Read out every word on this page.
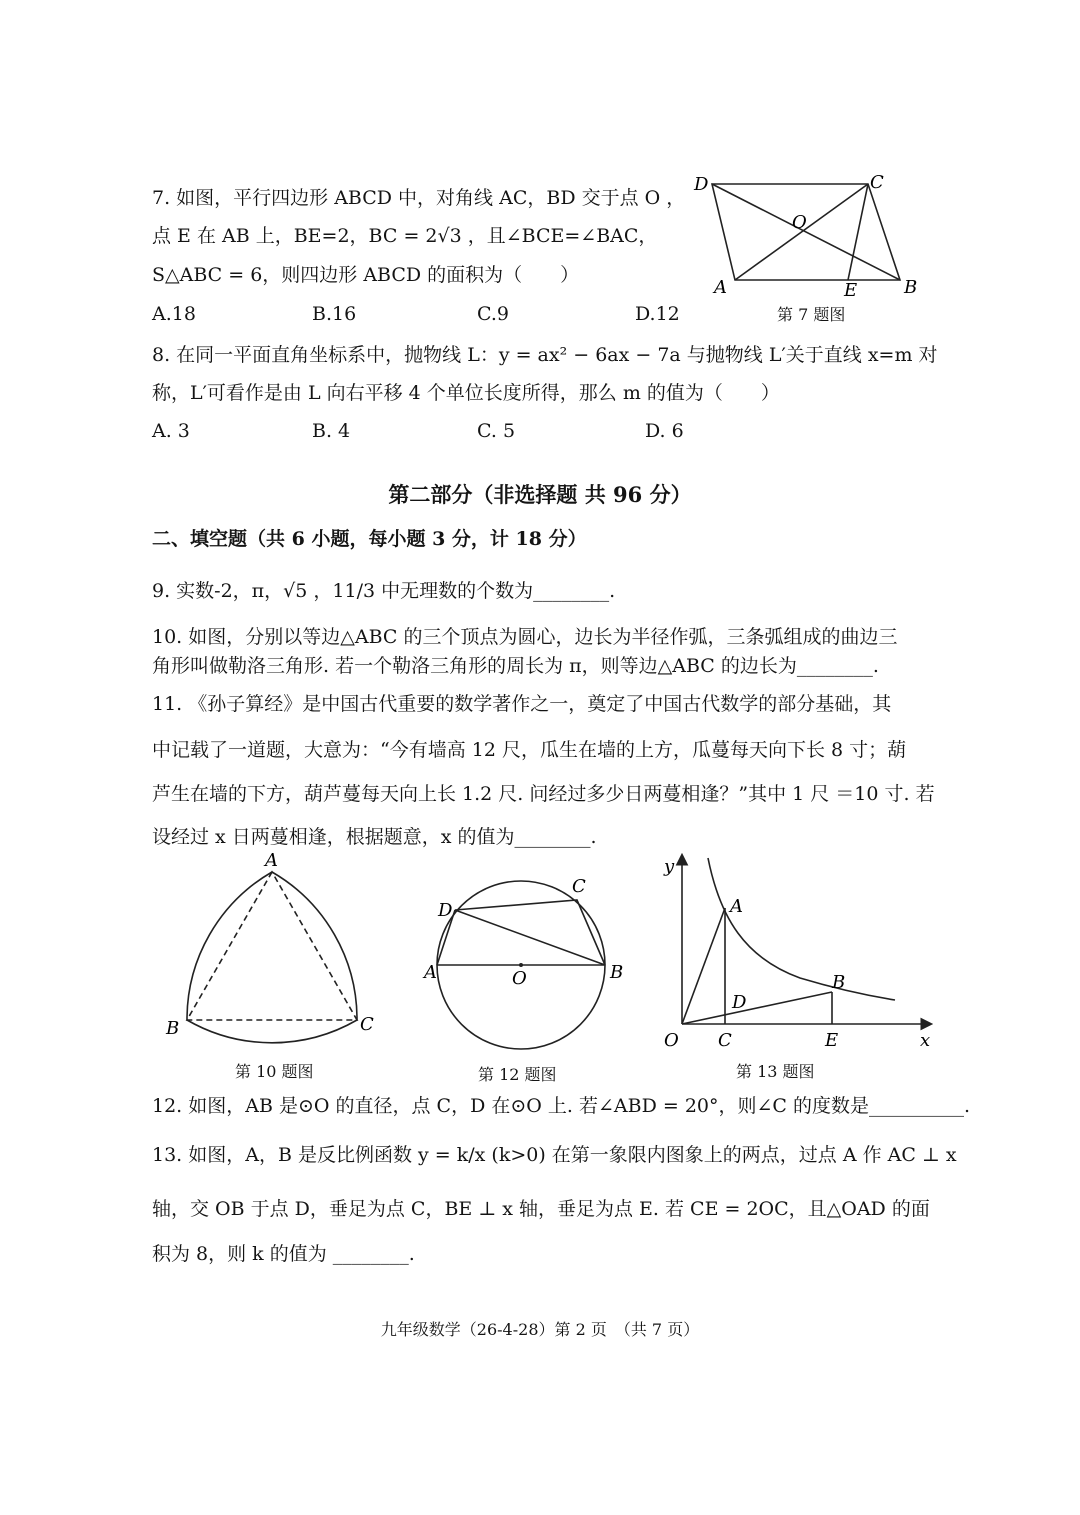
7. 如图，平行四边形 ABCD 中，对角线 AC，BD 交于点 O ，
点 E 在 AB 上，BE=2，BC = 2√3 ，且∠BCE=∠BAC，
S△ABC = 6，则四边形 ABCD 的面积为（　　）
A.18	B.16	C.9	D.12
D	C
O
A	E	B
第 7 题图
8. 在同一平面直角坐标系中，抛物线 L：y = ax² − 6ax − 7a 与抛物线 L′关于直线 x=m 对
称，L′可看作是由 L 向右平移 4 个单位长度所得，那么 m 的值为（　　）
A. 3	B. 4	C. 5	D. 6
第二部分（非选择题 共 96 分）
二、填空题（共 6 小题，每小题 3 分，计 18 分）
9. 实数-2，π，√5 ，11/3 中无理数的个数为________.
10. 如图，分别以等边△ABC 的三个顶点为圆心，边长为半径作弧，三条弧组成的曲边三
角形叫做勒洛三角形. 若一个勒洛三角形的周长为 π，则等边△ABC 的边长为________.
11. 《孙子算经》是中国古代重要的数学著作之一，奠定了中国古代数学的部分基础，其
中记载了一道题，大意为：“今有墙高 12 尺，瓜生在墙的上方，瓜蔓每天向下长 8 寸；葫
芦生在墙的下方，葫芦蔓每天向上长 1.2 尺. 问经过多少日两蔓相逢？”其中 1 尺 ＝10 寸. 若
设经过 x 日两蔓相逢，根据题意，x 的值为________.
A
B	C
第 10 题图
A	B
C
D
O
第 12 题图
y
x
O
A
B
C
D
E
第 13 题图
12. 如图，AB 是⊙O 的直径，点 C，D 在⊙O 上. 若∠ABD = 20°，则∠C 的度数是__________.
13. 如图，A，B 是反比例函数 y = k/x (k>0) 在第一象限内图象上的两点，过点 A 作 AC ⊥ x
轴，交 OB 于点 D，垂足为点 C，BE ⊥ x 轴，垂足为点 E. 若 CE = 2OC，且△OAD 的面
积为 8，则 k 的值为 ________.
九年级数学（26-4-28）第 2 页　（共 7 页）
